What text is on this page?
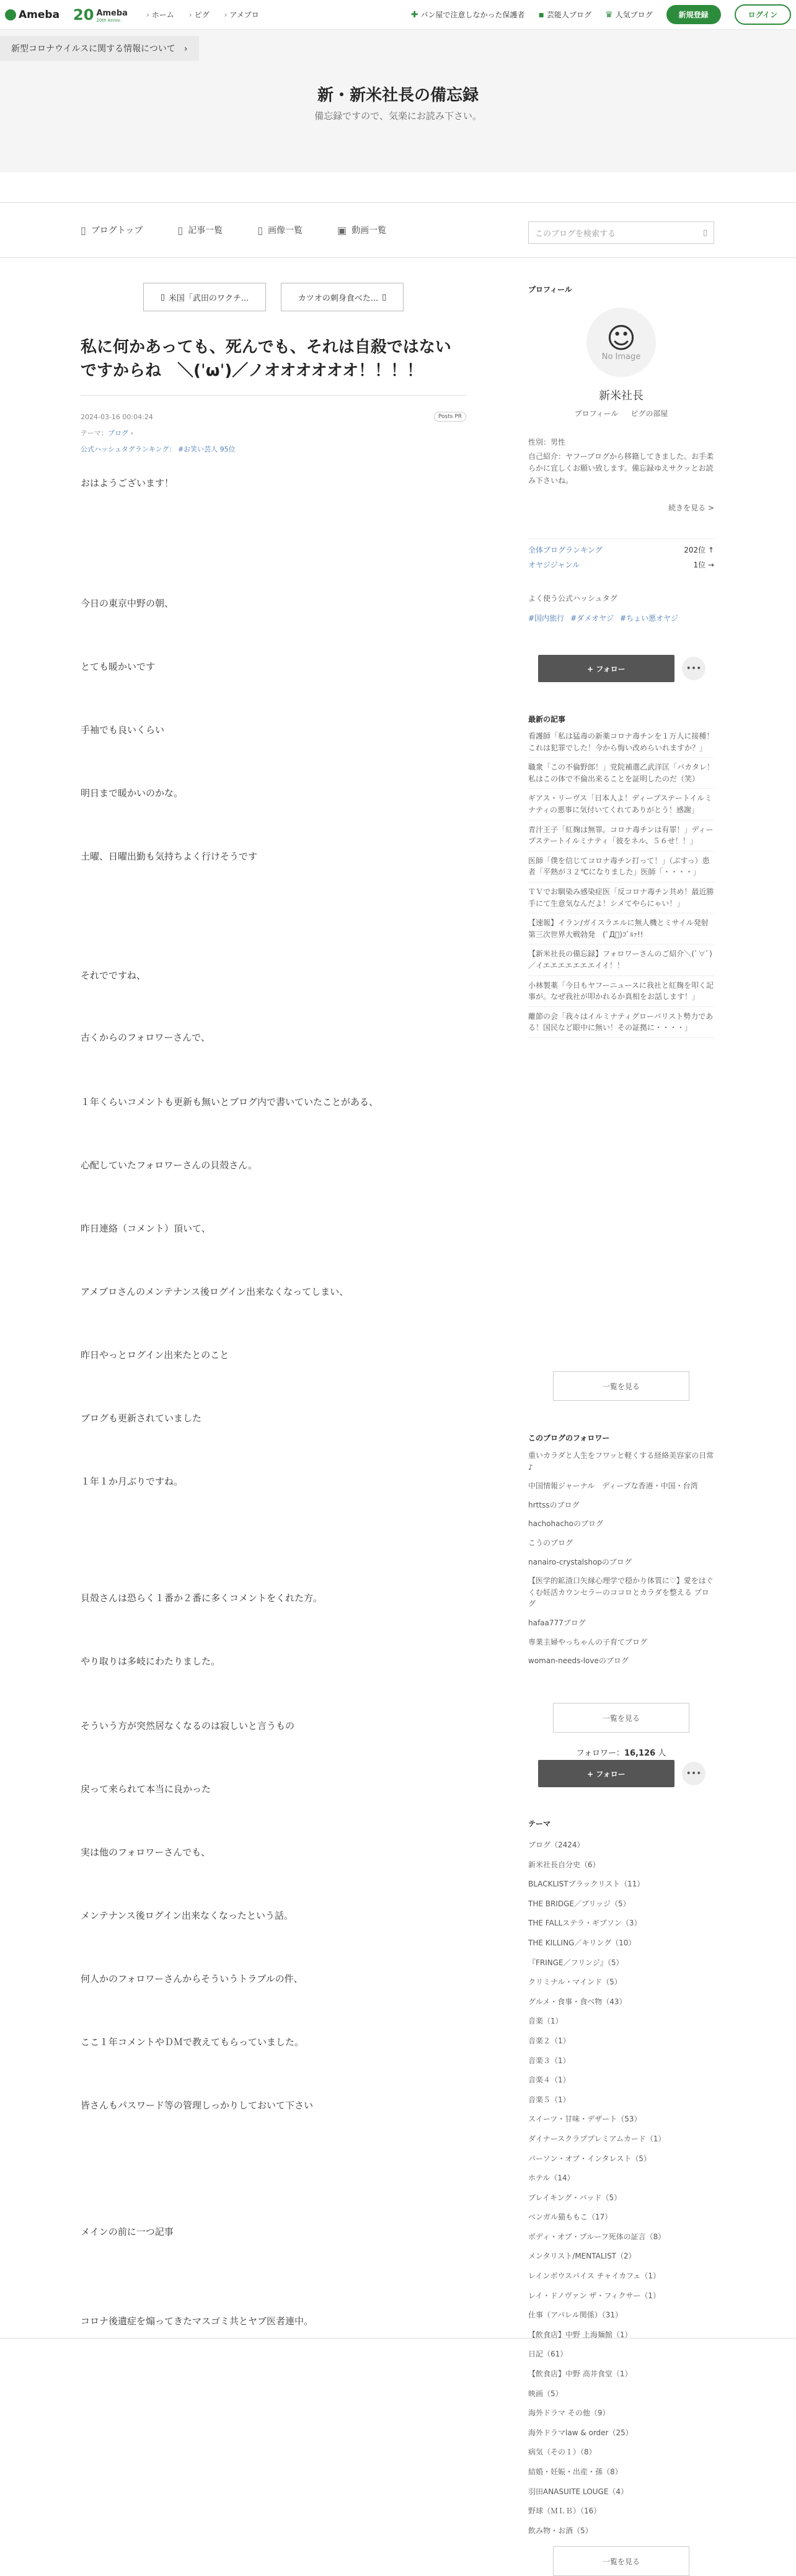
Ameba 20 Ameba
20th Anniv.
› ホーム	› ピグ	› アメブロ	✚ パン屋で注意しなかった保護者 ▪ 芸能人ブログ ♛ 人気ブログ	新規登録	ログイン
新型コロナウイルスに関する情報について ›
新・新米社長の備忘録
備忘録ですので、気楽にお読み下さい。
▯ ブログトップ	▯ 記事一覧	▯ 画像一覧	▣ 動画一覧	このブログを検索する	▯
▯ 米国「武田のワクチ...	カツオの刺身食べた... ▯
私に何かあっても、死んでも、それは自殺ではないですからね　＼(ˈωˈ)／ノオオオオオオ！！！！
2024-03-16 00:04:24	Posts PR
テーマ：ブログ ›
公式ハッシュタグランキング： #お笑い芸人 95位

おはようございます！

今日の東京中野の朝、

とても暖かいです

手袖でも良いくらい

明日まで暖かいのかな。

土曜、日曜出勤も気持ちよく行けそうです

それでですね、

古くからのフォロワーさんで、

１年くらいコメントも更新も無いとブログ内で書いていたことがある、

心配していたフォロワーさんの貝殻さん。

昨日連絡（コメント）頂いて、

アメブロさんのメンテナンス後ログイン出来なくなってしまい、

昨日やっとログイン出来たとのこと

ブログも更新されていました

１年１か月ぶりですね。

貝殻さんは恐らく１番か２番に多くコメントをくれた方。

やり取りは多岐にわたりました。

そういう方が突然居なくなるのは寂しいと言うもの

戻って来られて本当に良かった

実は他のフォロワーさんでも、

メンテナンス後ログイン出来なくなったという話。

何人かのフォロワーさんからそういうトラブルの件、

ここ１年コメントやＤＭで教えてもらっていました。

皆さんもパスワード等の管理しっかりしておいて下さい

メインの前に一つ記事

コロナ後遺症を煽ってきたマスゴミ共とヤブ医者連中。

プロフィール
☺
No Image
新米社長
プロフィール ピグの部屋
性別：男性
自己紹介：ヤフーブログから移籍してきました。お手柔らかに宜しくお願い致します。備忘録ゆえサクッとお読み下さいね。
続きを見る >
全体ブログランキング	202位 ↑
オヤジジャンル	1位 →
よく使う公式ハッシュタグ
#国内旅行 #ダメオヤジ #ちょい悪オヤジ
+ フォロー	•••
最新の記事
看護師「私は猛毒の新薬コロナ毒チンを１万人に接種！これは犯罪でした！今から悔い改めらいれますか？」
職衆「この不倫野郎！」党院補選乙武洋匡「バカタレ！私はこの体で不倫出来ることを証明したのだ（笑）
ギアス・リーヴス「日本人よ！ディープステートイルミナティの悪事に気付いてくれてありがとう！感謝」
青汁王子「紅麹は無罪。コロナ毒チンは有罪！」ディープステートイルミナティ「彼をネル、５６せ！！」
医師「僕を信じてコロナ毒チン打って！」（ぶすっ）患者「平熱が３２℃になりました」医師「・・・・」
ＴＶでお馴染み感染症医「反コロナ毒チン共め！最近勝手にて生意気なんだよ！シメてやらにゃい！」
【速報】イラン/ガイスラエルに無人機とミサイル発射 第三次世界大戦勃発　(ﾟД゚)ｺﾞﾙｧ!!
【新米社長の備忘録】フォロワーさんのご紹介＼(ﾟ∀ﾟ)／イエエエエエエエイイ！！
小林製薬「今日もヤフーニュースに我社と紅麹を叩く記事が。なぜ我社が叩かれるか真相をお話します！」
離節の会「我々はイルミナティグローバリスト勢力である！国民など眼中に無い！その証拠に・・・・」
一覧を見る
このブログのフォロワー
重いカラダと人生をフワッと軽くする経絡美容家の日常♪
中国情報ジャーナル　ディープな香港・中国・台湾
hrttssのブログ
hachohachoのブログ
こうのブログ
nanairo-crystalshopのブログ
【医学的鉱渣口矢縁心理学で穏かり体質に♡】愛をはぐくむ妊活カウンセラーのココロとカラダを整える ブログ
hafaa777ブログ
専業主婦やっちゃんの子育てブログ
woman-needs-loveのブログ
一覧を見る
フォロワー：16,126 人
+ フォロー	•••
テーマ
ブログ（2424）
新米社長自分史（6）
BLACKLISTブラックリスト（11）
THE BRIDGE／ブリッジ（5）
THE FALLステラ・ギブソン（3）
THE KILLING／キリング（10）
『FRINGE／フリンジ』（5）
クリミナル・マインド（5）
グルメ・食事・食べ物（43）
音楽（1）
音楽２（1）
音楽３（1）
音楽４（1）
音楽５（1）
スイーツ・甘味・デザート（53）
ダイナースクラブプレミアムカード（1）
パーソン・オブ・インタレスト（5）
ホテル（14）
ブレイキング・バッド（5）
ベンガル猫ももこ（17）
ボディ・オブ・プルーフ死体の証言（8）
メンタリスト/MENTALIST（2）
レインボウスパイス チャイカフェ（1）
レイ・ドノヴァン ザ・フィクサー（1）
仕事（アパレル関係）（31）
【飲食店】中野 上海麺館（1）
日記（61）
【飲食店】中野 高井食堂（1）
映画（5）
海外ドラマ その他（9）
海外ドラマlaw & order（25）
病気（その１）（8）
結婚・妊娠・出産・孫（8）
羽田ANASUITE LOUGE（4）
野球（ＭＬＢ）（16）
飲み物・お酒（5）
一覧を見る
